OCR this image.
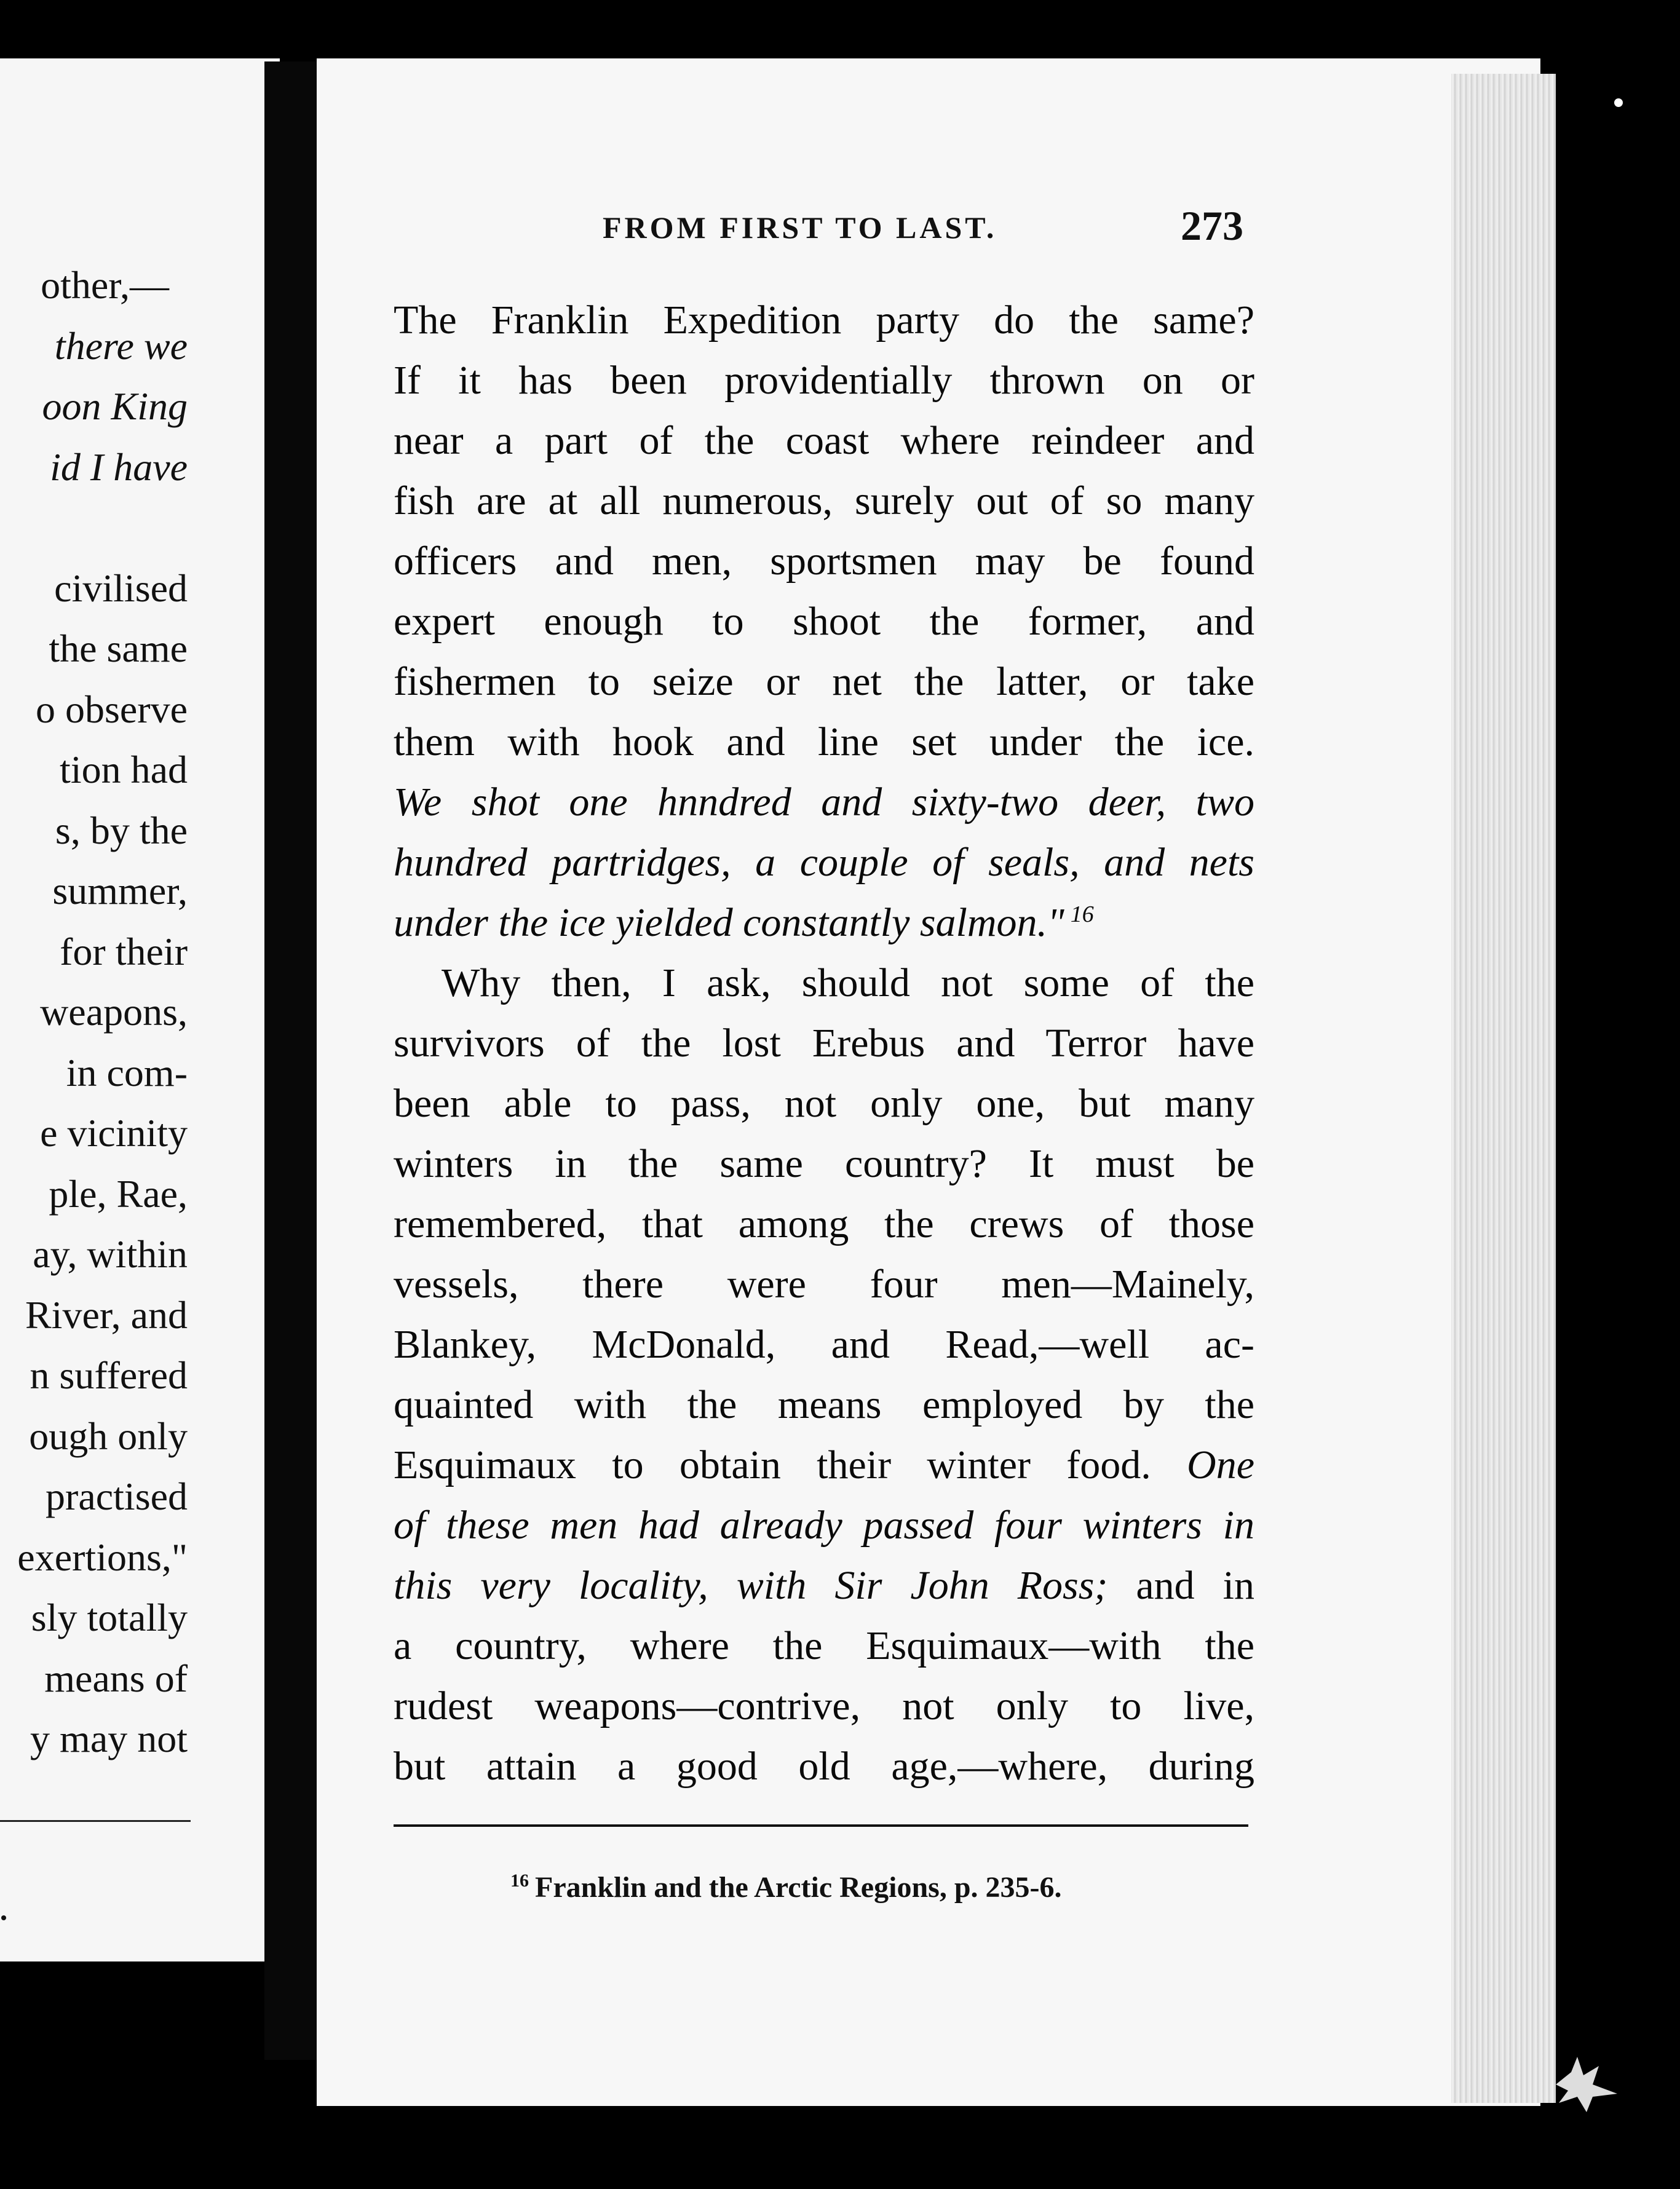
other,—
there we
oon King
id I have
civilised
the same
o observe
tion had
s, by the
summer,
for their
weapons,
in com-
e vicinity
ple, Rae,
ay, within
River, and
n suffered
ough only
practised
exertions,"
sly totally
means of
y may not
FROM FIRST TO LAST.	273
The Franklin Expedition party do the same?
If it has been providentially thrown on or
near a part of the coast where reindeer and
fish are at all numerous, surely out of so many
officers and men, sportsmen may be found
expert enough to shoot the former, and
fishermen to seize or net the latter, or take
them with hook and line set under the ice.
We shot one hnndred and sixty-two deer, two
hundred partridges, a couple of seals, and nets
under the ice yielded constantly salmon." $^{16}$
Why then, I ask, should not some of the
survivors of the lost Erebus and Terror have
been able to pass, not only one, but many
winters in the same country? It must be
remembered, that among the crews of those
vessels, there were four men—Mainely,
Blankey, McDonald, and Read,—well ac-
quainted with the means employed by the
Esquimaux to obtain their winter food. One
of these men had already passed four winters in
this very locality, with Sir John Ross; and in
a country, where the Esquimaux—with the
rudest weapons—contrive, not only to live,
but attain a good old age,—where, during
$^{16}$ Franklin and the Arctic Regions, p. 235-6.
